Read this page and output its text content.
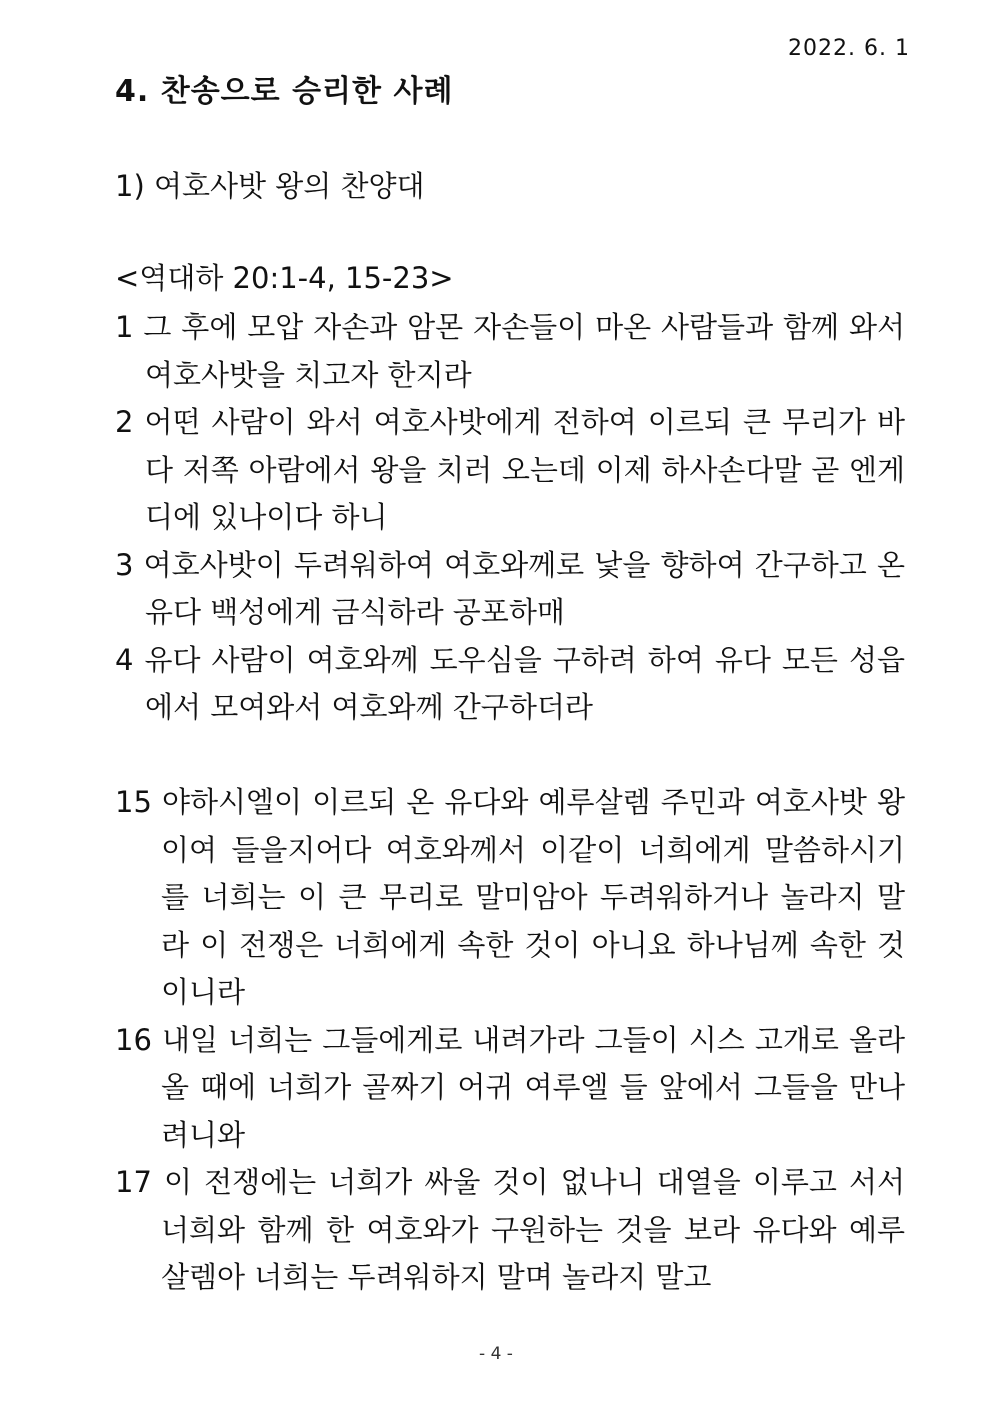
2022. 6. 1
4. 찬송으로 승리한 사례

1) 여호사밧 왕의 찬양대

<역대하 20:1-4, 15-23>

1 그 후에 모압 자손과 암몬 자손들이 마온 사람들과 함께 와서 여호사밧을 치고자 한지라

2 어떤 사람이 와서 여호사밧에게 전하여 이르되 큰 무리가 바다 저쪽 아람에서 왕을 치러 오는데 이제 하사손다말 곧 엔게디에 있나이다 하니

3 여호사밧이 두려워하여 여호와께로 낯을 향하여 간구하고 온 유다 백성에게 금식하라 공포하매

4 유다 사람이 여호와께 도우심을 구하려 하여 유다 모든 성읍에서 모여와서 여호와께 간구하더라

15 야하시엘이 이르되 온 유다와 예루살렘 주민과 여호사밧 왕이여 들을지어다 여호와께서 이같이 너희에게 말씀하시기를 너희는 이 큰 무리로 말미암아 두려워하거나 놀라지 말라 이 전쟁은 너희에게 속한 것이 아니요 하나님께 속한 것이니라

16 내일 너희는 그들에게로 내려가라 그들이 시스 고개로 올라올 때에 너희가 골짜기 어귀 여루엘 들 앞에서 그들을 만나려니와

17 이 전쟁에는 너희가 싸울 것이 없나니 대열을 이루고 서서 너희와 함께 한 여호와가 구원하는 것을 보라 유다와 예루살렘아 너희는 두려워하지 말며 놀라지 말고

- 4 -
